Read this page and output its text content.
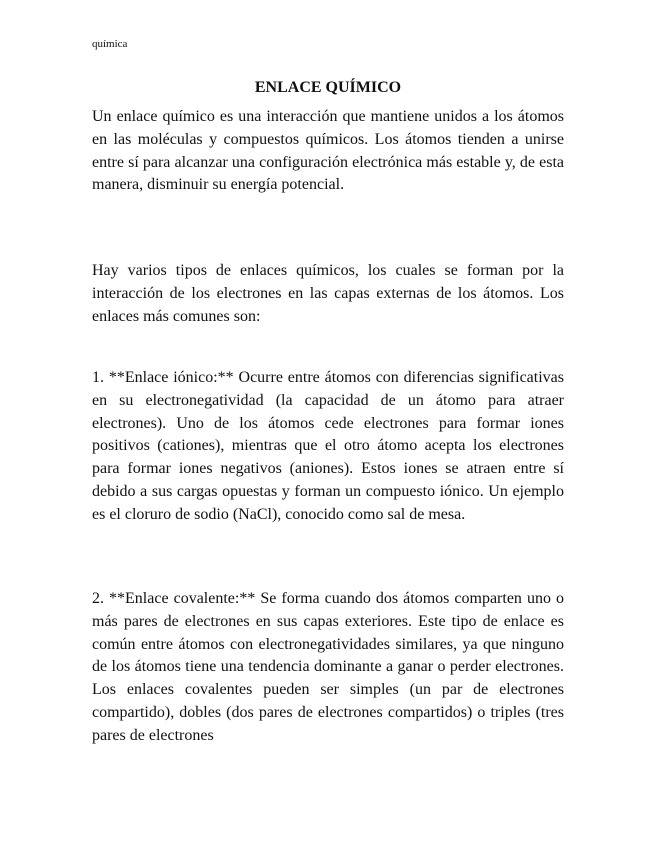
química
ENLACE QUÍMICO

Un enlace químico es una interacción que mantiene unidos a los átomos en las moléculas y compuestos químicos. Los átomos tienden a unirse entre sí para alcanzar una configuración electrónica más estable y, de esta manera, disminuir su energía potencial.

Hay varios tipos de enlaces químicos, los cuales se forman por la interacción de los electrones en las capas externas de los átomos. Los enlaces más comunes son:

1. **Enlace iónico:** Ocurre entre átomos con diferencias significativas en su electronegatividad (la capacidad de un átomo para atraer electrones). Uno de los átomos cede electrones para formar iones positivos (cationes), mientras que el otro átomo acepta los electrones para formar iones negativos (aniones). Estos iones se atraen entre sí debido a sus cargas opuestas y forman un compuesto iónico. Un ejemplo es el cloruro de sodio (NaCl), conocido como sal de mesa.

2. **Enlace covalente:** Se forma cuando dos átomos comparten uno o más pares de electrones en sus capas exteriores. Este tipo de enlace es común entre átomos con electronegatividades similares, ya que ninguno de los átomos tiene una tendencia dominante a ganar o perder electrones. Los enlaces covalentes pueden ser simples (un par de electrones compartido), dobles (dos pares de electrones compartidos) o triples (tres pares de electrones
